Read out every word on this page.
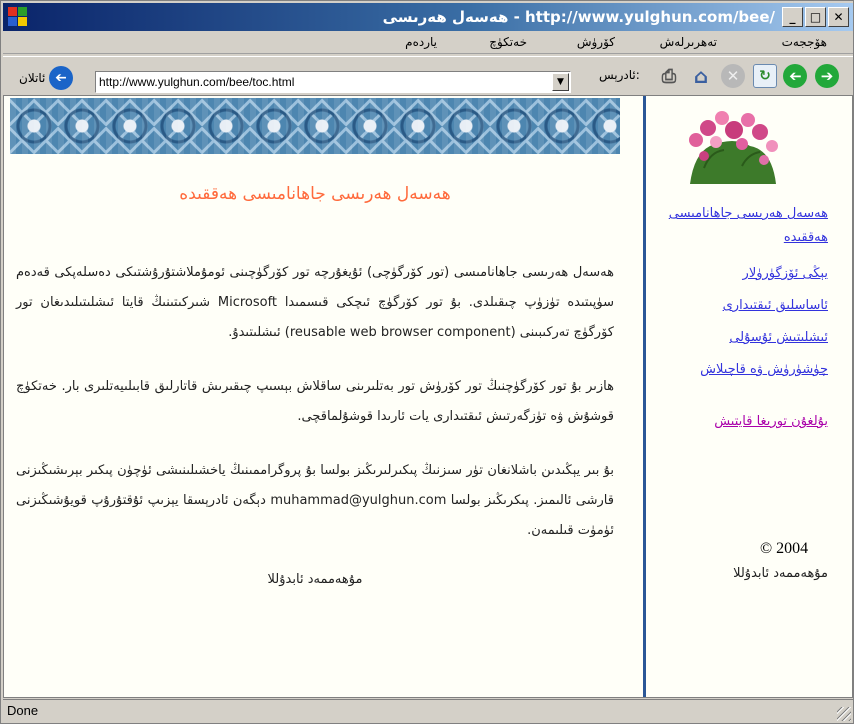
هەسەل هەرىسى - http://www.yulghun.com/bee/	_	□	✕
ھۆججەت
تەھرىرلەش
كۆرۈش
خەتكۈچ
ياردەم
➔
➔
↻
✕
⌂
⎙
ئادرېس:
http://www.yulghun.com/bee/toc.html	▼
ئاتلان ➔
هەسەل هەرىسى جاھانامىسى ھەققىدە

هەسەل هەرىسى جاھانامىسى (تور كۆرگۈچى) ئۇيغۇرچە تور كۆرگۈچىنى ئومۇملاشتۇرۇشتىكى دەسلەپكى قەدەم سۈپىتىدە تۈزۈپ چىقىلدى. بۇ تور كۆرگۈچ ئىچكى قىسمىدا Microsoft شىركىتىنىڭ قايتا ئىشلىتىلىدىغان تور كۆرگۈچ تەركىبىنى (reusable web browser component) ئىشلىتىدۇ.

ھازىر بۇ تور كۆرگۈچنىڭ تور كۆرۈش تور بەتلىرىنى ساقلاش بېسىپ چىقىرىش قاتارلىق قابىلىيەتلىرى بار. خەتكۈچ قوشۇش ۋە تۈزگەرتىش ئىقتىدارى يات ئارىدا قوشۇلماقچى.

بۇ بىر يېڭىدىن باشلانغان تۈر سىزنىڭ پىكىرلىرىڭىز بولسا بۇ پروگراممىنىڭ ياخشىلىنىشى ئۈچۈن پىكىر بېرىشىڭىزنى قارشى ئالىمىز. پىكرىڭىز بولسا muhammad@yulghun.com دېگەن ئادرېسقا يېزىپ ئۇقتۇرۇپ قويۇشىڭىزنى ئۈمۈت قىلىمەن.

مۇھەممەد ئابدۇللا
هەسەل هەرىسى جاھانامىسى ھەققىدە
يېڭى ئۆزگۈرۈلار
ئاساسلىق ئىقتىدارى
ئىشلىتىش ئۇسۇلى
چۈشۈرۈش ۋە قاچىلاش
يۇلغۇن تورىغا قايتىش
© 2004
مۇھەممەد ئابدۇللا
Done
